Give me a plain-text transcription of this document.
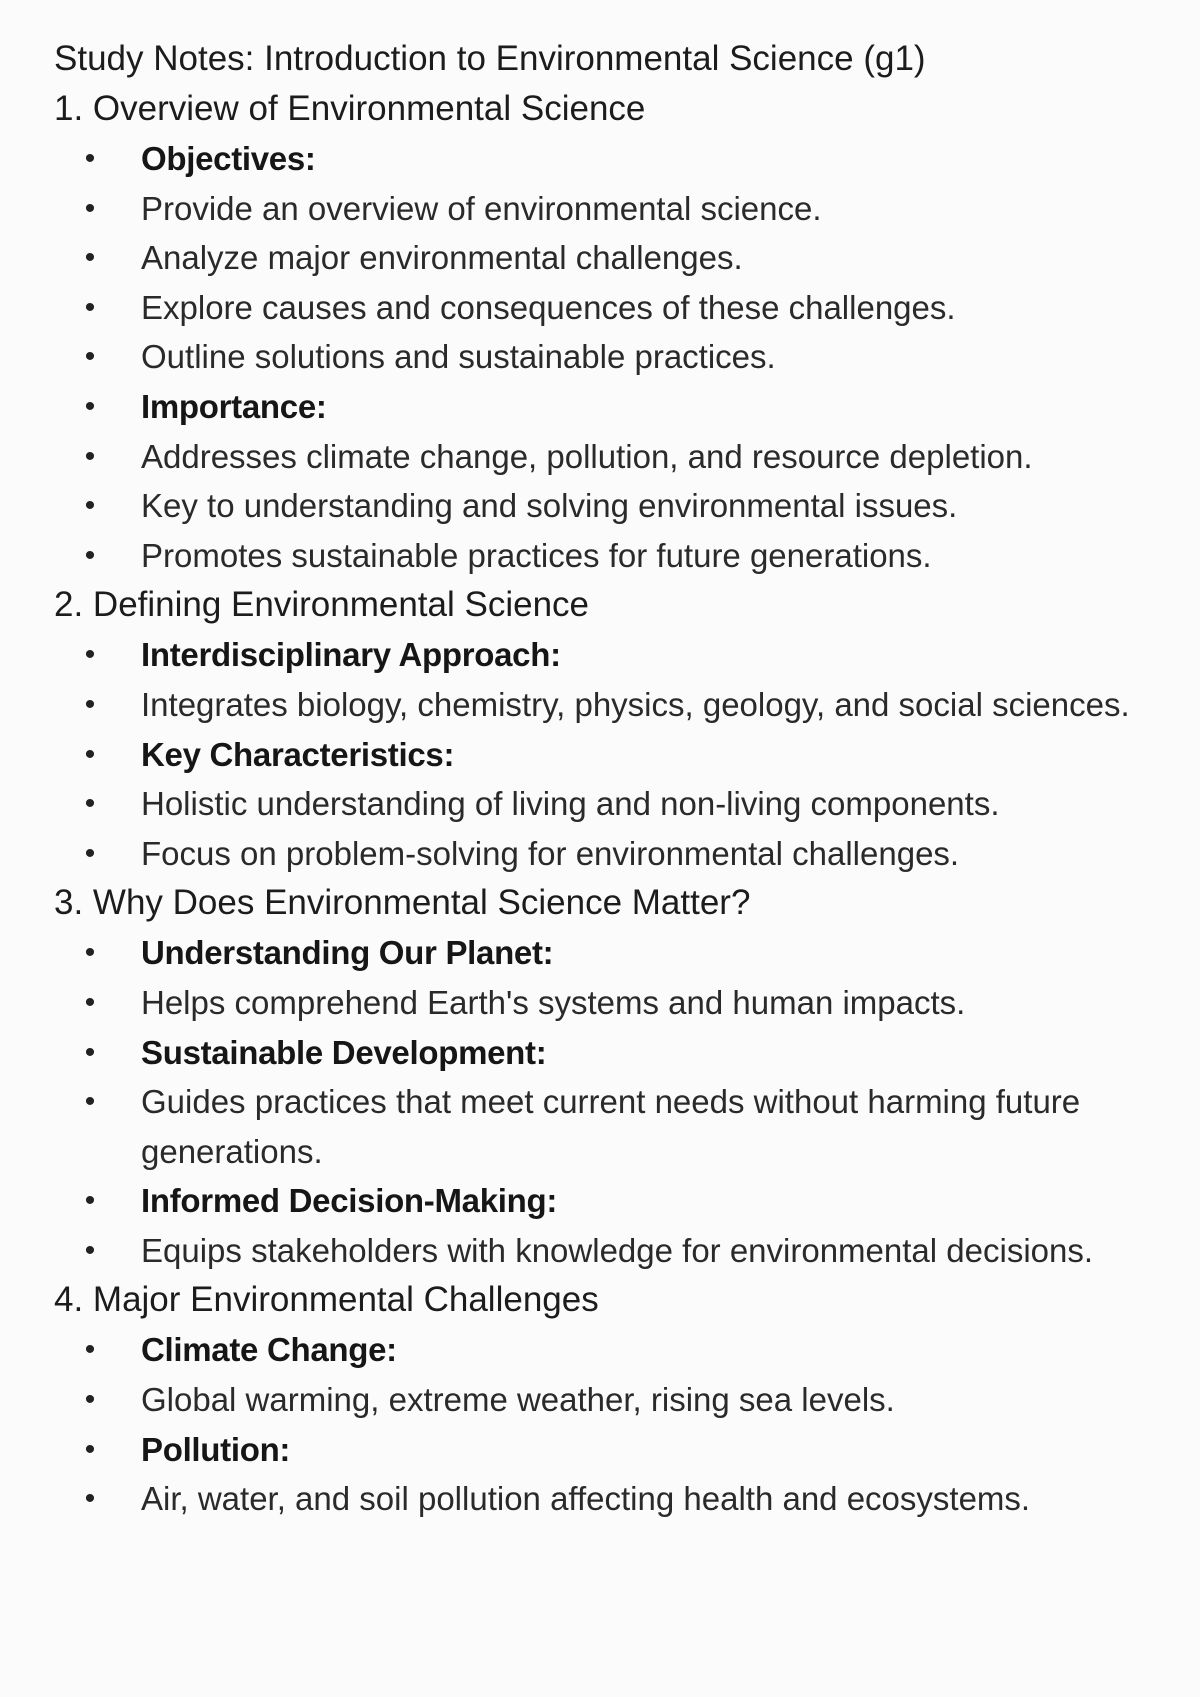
Study Notes: Introduction to Environmental Science (g1)
1. Overview of Environmental Science
• Objectives:
• Provide an overview of environmental science.
• Analyze major environmental challenges.
• Explore causes and consequences of these challenges.
• Outline solutions and sustainable practices.
• Importance:
• Addresses climate change, pollution, and resource depletion.
• Key to understanding and solving environmental issues.
• Promotes sustainable practices for future generations.
2. Defining Environmental Science
• Interdisciplinary Approach:
• Integrates biology, chemistry, physics, geology, and social sciences.
• Key Characteristics:
• Holistic understanding of living and non-living components.
• Focus on problem-solving for environmental challenges.
3. Why Does Environmental Science Matter?
• Understanding Our Planet:
• Helps comprehend Earth's systems and human impacts.
• Sustainable Development:
• Guides practices that meet current needs without harming future generations.
• Informed Decision-Making:
• Equips stakeholders with knowledge for environmental decisions.
4. Major Environmental Challenges
• Climate Change:
• Global warming, extreme weather, rising sea levels.
• Pollution:
• Air, water, and soil pollution affecting health and ecosystems.
